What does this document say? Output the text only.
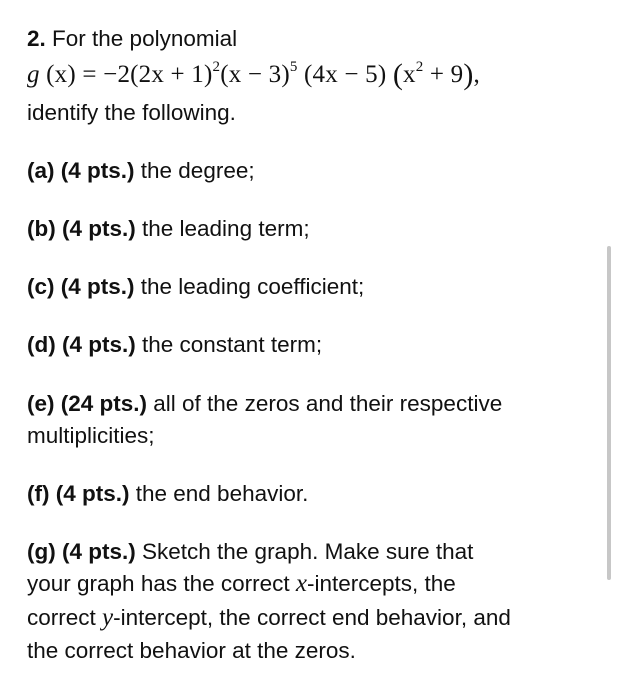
2. For the polynomial
g $(x) = -2(2x + 1)^2(x - 3)^5$ (4x − 5) $(x^2 + 9)$,
identify the following.
(a) (4 pts.) the degree;
(b) (4 pts.) the leading term;
(c) (4 pts.) the leading coefficient;
(d) (4 pts.) the constant term;
(e) (24 pts.) all of the zeros and their respective
multiplicities;
(f) (4 pts.) the end behavior.
(g) (4 pts.) Sketch the graph. Make sure that
your graph has the correct x-intercepts, the
correct y-intercept, the correct end behavior, and
the correct behavior at the zeros.
